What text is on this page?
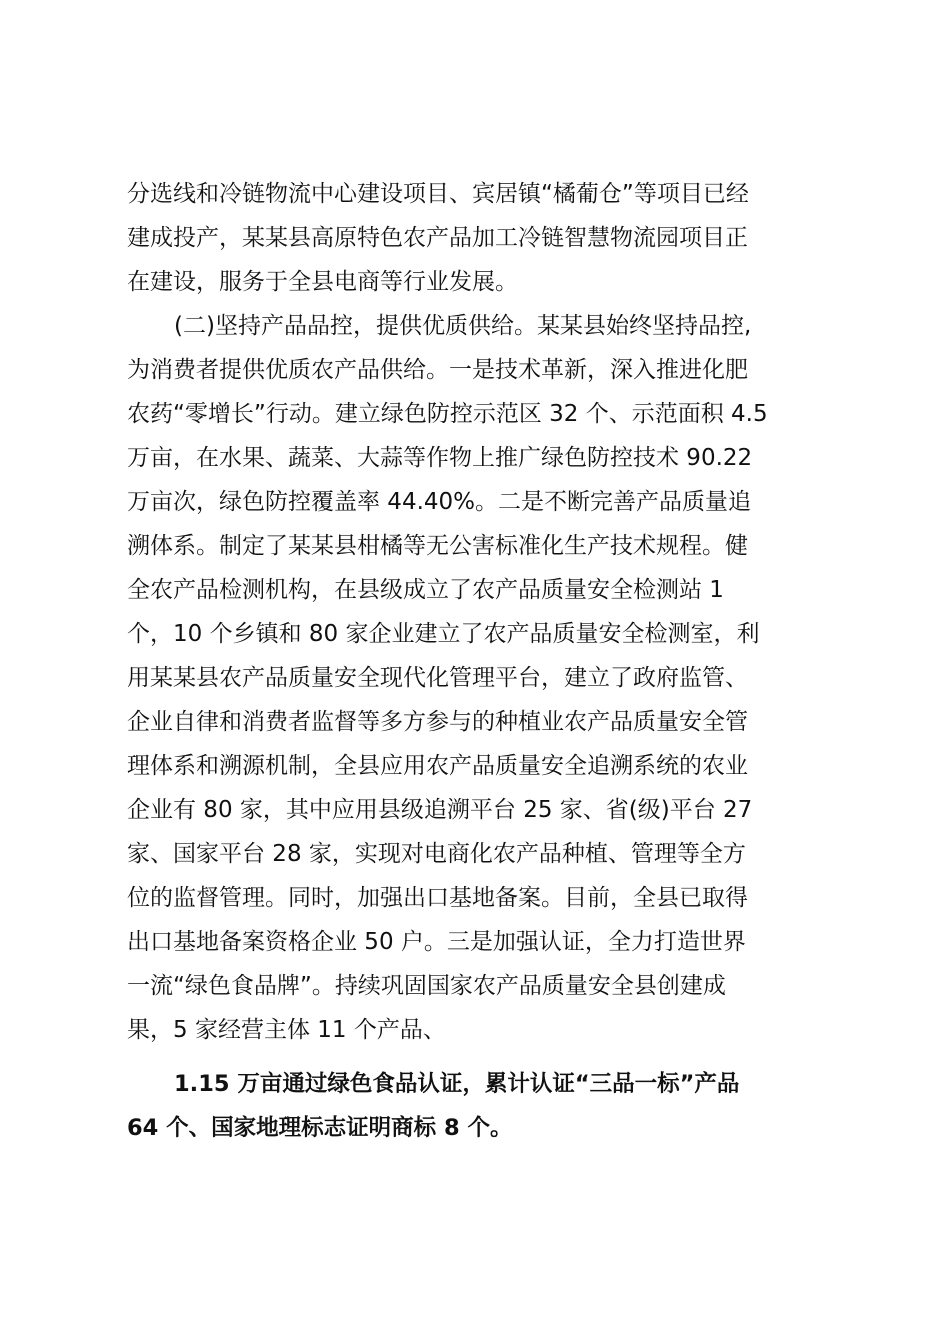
分选线和冷链物流中心建设项目、宾居镇“橘葡仓”等项目已经
建成投产，某某县高原特色农产品加工冷链智慧物流园项目正
在建设，服务于全县电商等行业发展。
(二)坚持产品品控，提供优质供给。某某县始终坚持品控,
为消费者提供优质农产品供给。一是技术革新，深入推进化肥
农药“零增长”行动。建立绿色防控示范区 32 个、示范面积 4.5
万亩，在水果、蔬菜、大蒜等作物上推广绿色防控技术 90.22
万亩次，绿色防控覆盖率 44.40%。二是不断完善产品质量追
溯体系。制定了某某县柑橘等无公害标准化生产技术规程。健
全农产品检测机构，在县级成立了农产品质量安全检测站 1
个，10 个乡镇和 80 家企业建立了农产品质量安全检测室，利
用某某县农产品质量安全现代化管理平台，建立了政府监管、
企业自律和消费者监督等多方参与的种植业农产品质量安全管
理体系和溯源机制，全县应用农产品质量安全追溯系统的农业
企业有 80 家，其中应用县级追溯平台 25 家、省(级)平台 27
家、国家平台 28 家，实现对电商化农产品种植、管理等全方
位的监督管理。同时，加强出口基地备案。目前，全县已取得
出口基地备案资格企业 50 户。三是加强认证，全力打造世界
一流“绿色食品牌”。持续巩固国家农产品质量安全县创建成
果，5 家经营主体 11 个产品、
1.15 万亩通过绿色食品认证，累计认证“三品一标”产品
64 个、国家地理标志证明商标 8 个。
